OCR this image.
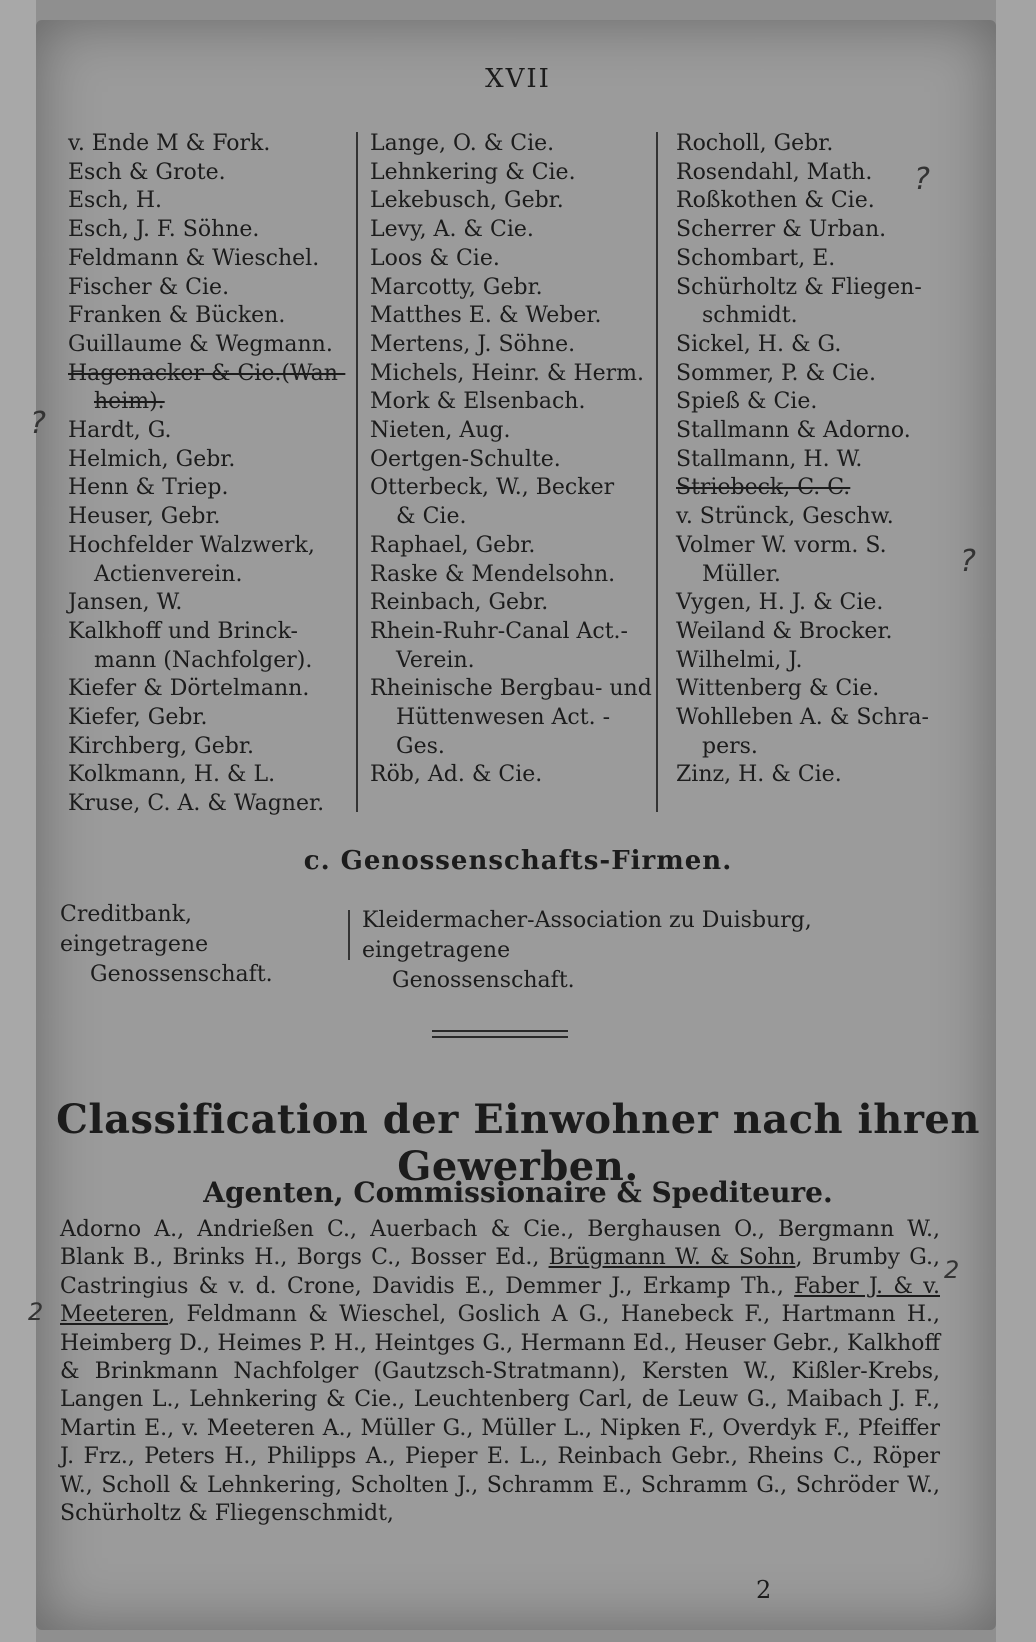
XVII
v. Ende M & Fork.
Esch & Grote.
Esch, H.
Esch, J. F. Söhne.
Feldmann & Wieschel.
Fischer & Cie.
Franken & Bücken.
Guillaume & Wegmann.
Hagenacker & Cie.(Wan-
heim).
Hardt, G.
Helmich, Gebr.
Henn & Triep.
Heuser, Gebr.
Hochfelder Walzwerk,
Actienverein.
Jansen, W.
Kalkhoff und Brinck-
mann (Nachfolger).
Kiefer & Dörtelmann.
Kiefer, Gebr.
Kirchberg, Gebr.
Kolkmann, H. & L.
Kruse, C. A. & Wagner.
Lange, O. & Cie.
Lehnkering & Cie.
Lekebusch, Gebr.
Levy, A. & Cie.
Loos & Cie.
Marcotty, Gebr.
Matthes E. & Weber.
Mertens, J. Söhne.
Michels, Heinr. & Herm.
Mork & Elsenbach.
Nieten, Aug.
Oertgen-Schulte.
Otterbeck, W., Becker
& Cie.
Raphael, Gebr.
Raske & Mendelsohn.
Reinbach, Gebr.
Rhein-Ruhr-Canal Act.-
Verein.
Rheinische Bergbau- und
Hüttenwesen Act. -
Ges.
Röb, Ad. & Cie.
Rocholl, Gebr.
Rosendahl, Math.
Roßkothen & Cie.
Scherrer & Urban.
Schombart, E.
Schürholtz & Fliegen-
schmidt.
Sickel, H. & G.
Sommer, P. & Cie.
Spieß & Cie.
Stallmann & Adorno.
Stallmann, H. W.
Striebeck, C. C.
v. Strünck, Geschw.
Volmer W. vorm. S.
Müller.
Vygen, H. J. & Cie.
Weiland & Brocker.
Wilhelmi, J.
Wittenberg & Cie.
Wohlleben A. & Schra-
pers.
Zinz, H. & Cie.
?
?
?
2
2
c. Genossenschafts-Firmen.
Creditbank, eingetragene
Genossenschaft.
Kleidermacher-Association zu Duisburg, eingetragene
Genossenschaft.
Classification der Einwohner nach ihren Gewerben.
Agenten, Commissionaire & Spediteure.
Adorno A., Andrießen C., Auerbach & Cie., Berghausen O., Bergmann W., Blank B., Brinks H., Borgs C., Bosser Ed., Brügmann W. & Sohn, Brumby G., Castringius & v. d. Crone, Davidis E., Demmer J., Erkamp Th., Faber J. & v. Meeteren, Feldmann & Wieschel, Goslich A G., Hanebeck F., Hartmann H., Heimberg D., Heimes P. H., Heintges G., Hermann Ed., Heuser Gebr., Kalkhoff & Brinkmann Nachfolger (Gautzsch-Stratmann), Kersten W., Kißler-Krebs, Langen L., Lehnkering & Cie., Leuchtenberg Carl, de Leuw G., Maibach J. F., Martin E., v. Meeteren A., Müller G., Müller L., Nipken F., Overdyk F., Pfeiffer J. Frz., Peters H., Philipps A., Pieper E. L., Reinbach Gebr., Rheins C., Röper W., Scholl & Lehnkering, Scholten J., Schramm E., Schramm G., Schröder W., Schürholtz & Fliegenschmidt,
2
